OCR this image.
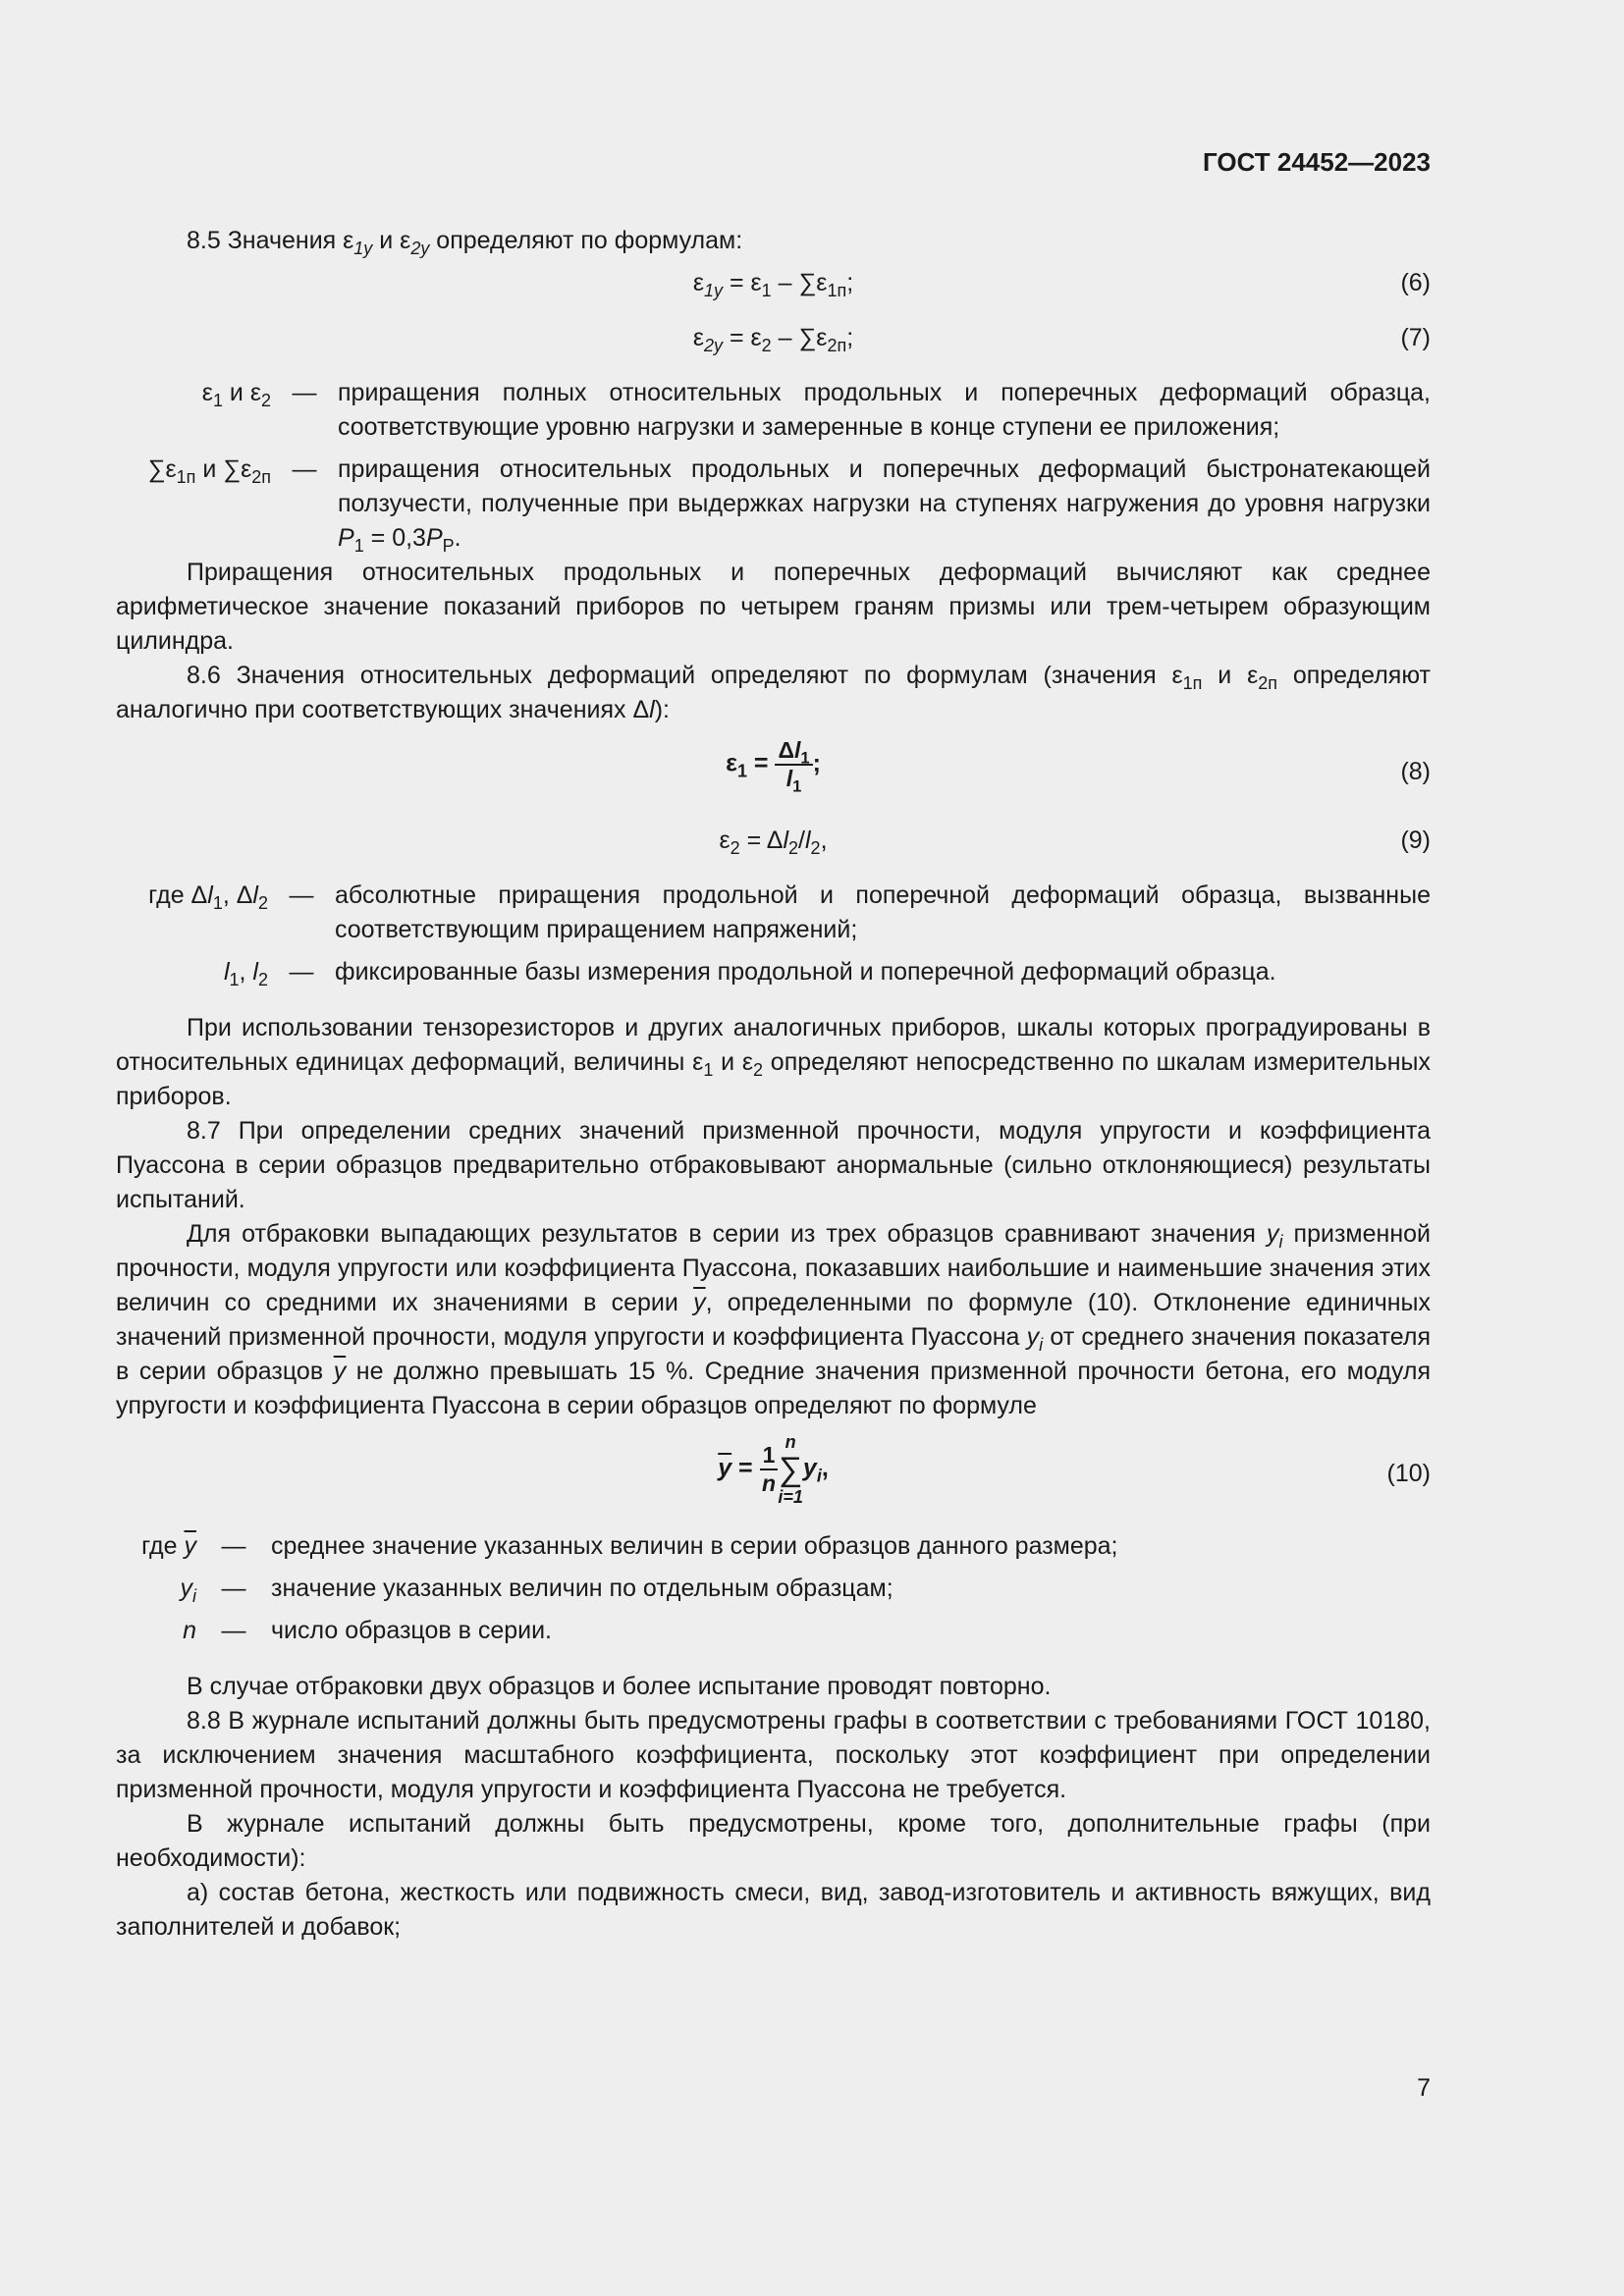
ГОСТ 24452—2023
8.5 Значения $\varepsilon_{1y}$ и $\varepsilon_{2y}$ определяют по формулам:
$\varepsilon_{1y} = \varepsilon_1 - \sum\varepsilon_{1п}$;	(6)
$\varepsilon_{2y} = \varepsilon_2 - \sum\varepsilon_{2п}$;	(7)
$\varepsilon_1$ и $\varepsilon_2$ — приращения полных относительных продольных и поперечных деформаций образца, соответствующие уровню нагрузки и замеренные в конце ступени ее приложения;
$\sum\varepsilon_{1п}$ и $\sum\varepsilon_{2п}$ — приращения относительных продольных и поперечных деформаций быстронатекающей ползучести, полученные при выдержках нагрузки на ступенях нагружения до уровня нагрузки $P_1 = 0,3P_P$.
Приращения относительных продольных и поперечных деформаций вычисляют как среднее арифметическое значение показаний приборов по четырем граням призмы или трем-четырем образующим цилиндра.
8.6 Значения относительных деформаций определяют по формулам (значения $\varepsilon_{1п}$ и $\varepsilon_{2п}$ определяют аналогично при соответствующих значениях Δl):
$\varepsilon_1 = \frac{\Delta l_1}{l_1}$ ;	(8)
$\varepsilon_2 = \Delta l_2/l_2$,	(9)
где $\Delta l_1$, $\Delta l_2$ — абсолютные приращения продольной и поперечной деформаций образца, вызванные соответствующим приращением напряжений;
$l_1$, $l_2$ — фиксированные базы измерения продольной и поперечной деформаций образца.
При использовании тензорезисторов и других аналогичных приборов, шкалы которых проградуированы в относительных единицах деформаций, величины $\varepsilon_1$ и $\varepsilon_2$ определяют непосредственно по шкалам измерительных приборов.
8.7 При определении средних значений призменной прочности, модуля упругости и коэффициента Пуассона в серии образцов предварительно отбраковывают анормальные (сильно отклоняющиеся) результаты испытаний.
Для отбраковки выпадающих результатов в серии из трех образцов сравнивают значения $y_i$ призменной прочности, модуля упругости или коэффициента Пуассона, показавших наибольшие и наименьшие значения этих величин со средними их значениями в серии $\overline{y}$, определенными по формуле (10). Отклонение единичных значений призменной прочности, модуля упругости и коэффициента Пуассона $y_i$ от среднего значения показателя в серии образцов $\overline{y}$ не должно превышать 15 %. Средние значения призменной прочности бетона, его модуля упругости и коэффициента Пуассона в серии образцов определяют по формуле
$\overline{y} = \frac{1}{n}$ n
∑
$i=1y_i$,	(10)
где $\overline{y}$	—	среднее значение указанных величин в серии образцов данного размера;
$y_i$	—	значение указанных величин по отдельным образцам;
n	—	число образцов в серии.
В случае отбраковки двух образцов и более испытание проводят повторно.
8.8 В журнале испытаний должны быть предусмотрены графы в соответствии с требованиями ГОСТ 10180, за исключением значения масштабного коэффициента, поскольку этот коэффициент при определении призменной прочности, модуля упругости и коэффициента Пуассона не требуется.
В журнале испытаний должны быть предусмотрены, кроме того, дополнительные графы (при необходимости):
а) состав бетона, жесткость или подвижность смеси, вид, завод-изготовитель и активность вяжущих, вид заполнителей и добавок;
7
